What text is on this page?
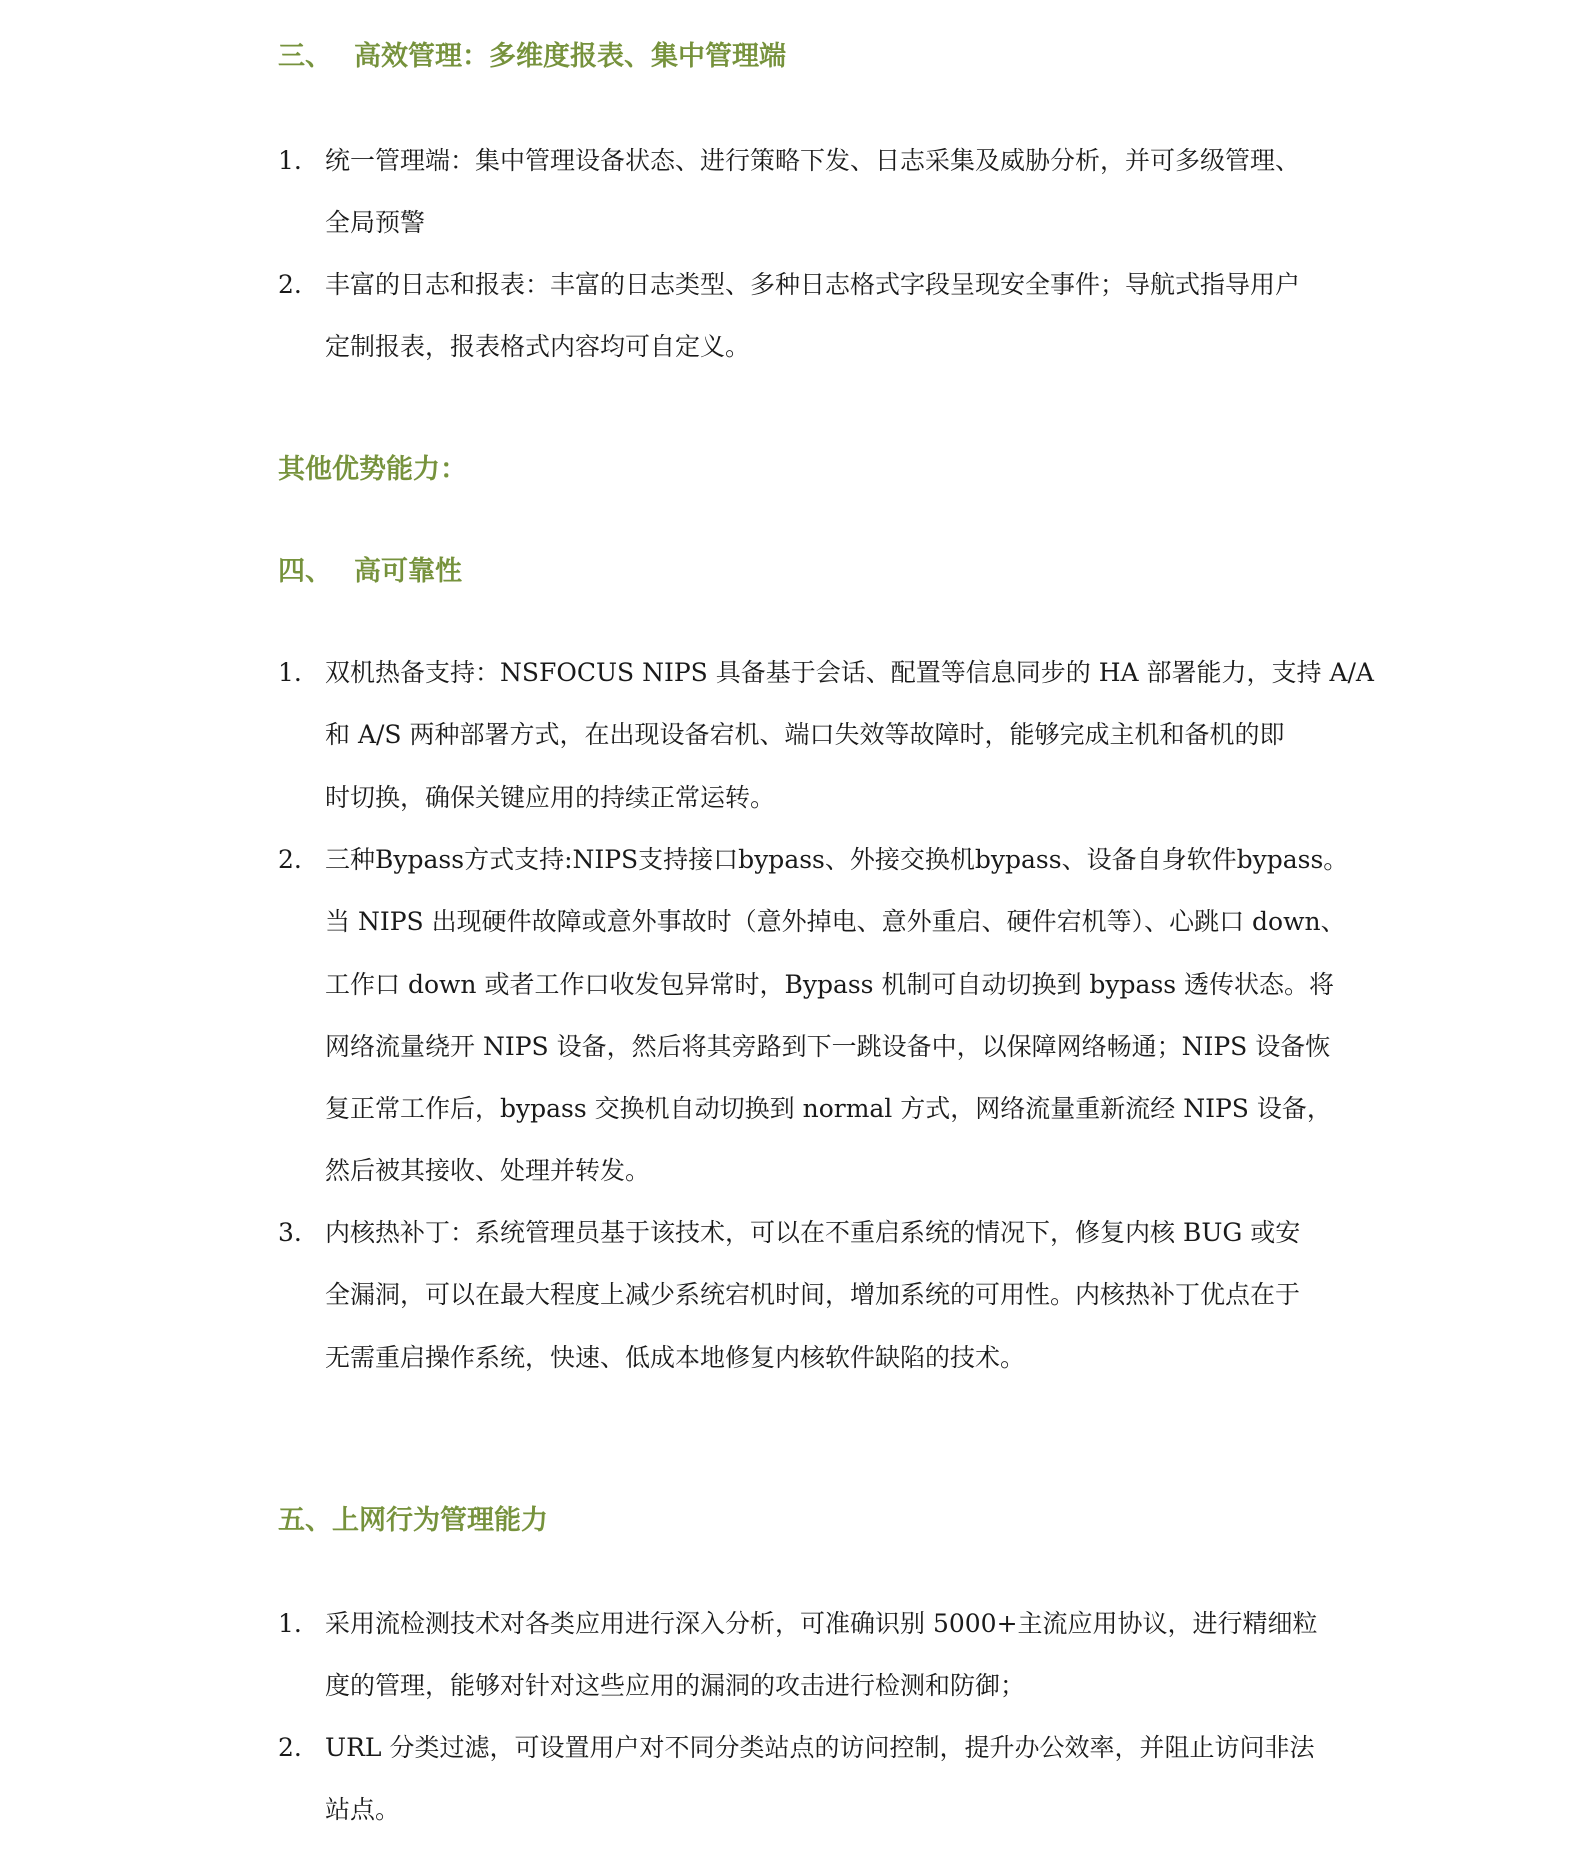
三、 高效管理：多维度报表、集中管理端
1. 统一管理端：集中管理设备状态、进行策略下发、日志采集及威胁分析，并可多级管理、
全局预警
2. 丰富的日志和报表：丰富的日志类型、多种日志格式字段呈现安全事件；导航式指导用户
定制报表，报表格式内容均可自定义。
其他优势能力：
四、 高可靠性
1. 双机热备支持：NSFOCUS NIPS 具备基于会话、配置等信息同步的 HA 部署能力，支持 A/A
和 A/S 两种部署方式，在出现设备宕机、端口失效等故障时，能够完成主机和备机的即
时切换，确保关键应用的持续正常运转。
2. 三种Bypass方式支持:NIPS支持接口bypass、外接交换机bypass、设备自身软件bypass。
当 NIPS 出现硬件故障或意外事故时（意外掉电、意外重启、硬件宕机等）、心跳口 down、
工作口 down 或者工作口收发包异常时，Bypass 机制可自动切换到 bypass 透传状态。将
网络流量绕开 NIPS 设备，然后将其旁路到下一跳设备中，以保障网络畅通；NIPS 设备恢
复正常工作后，bypass 交换机自动切换到 normal 方式，网络流量重新流经 NIPS 设备，
然后被其接收、处理并转发。
3. 内核热补丁：系统管理员基于该技术，可以在不重启系统的情况下，修复内核 BUG 或安
全漏洞，可以在最大程度上减少系统宕机时间，增加系统的可用性。内核热补丁优点在于
无需重启操作系统，快速、低成本地修复内核软件缺陷的技术。
五、上网行为管理能力
1. 采用流检测技术对各类应用进行深入分析，可准确识别 5000+主流应用协议，进行精细粒
度的管理，能够对针对这些应用的漏洞的攻击进行检测和防御；
2. URL 分类过滤，可设置用户对不同分类站点的访问控制，提升办公效率，并阻止访问非法
站点。
